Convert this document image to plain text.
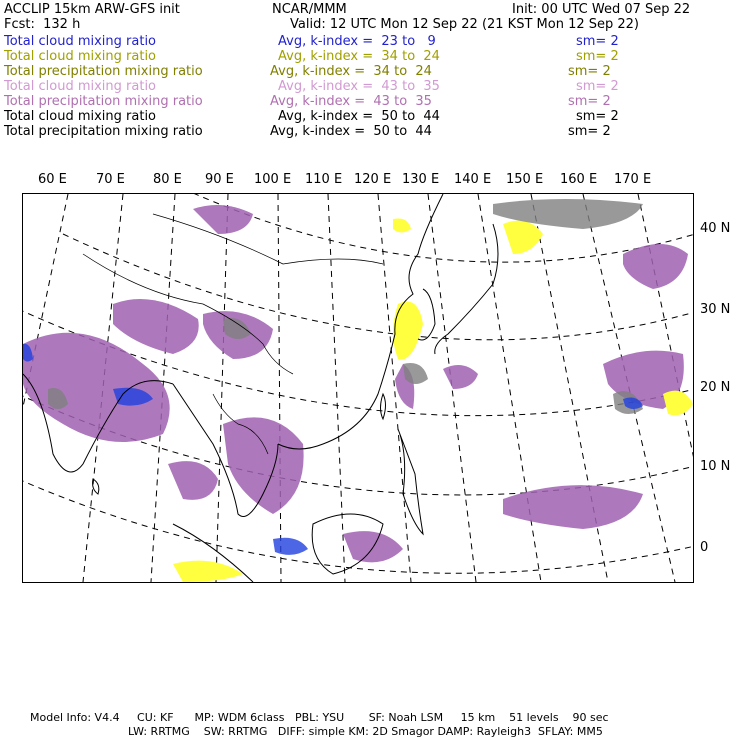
ACCLIP 15km ARW-GFS init	NCAR/MMM	Init: 00 UTC Wed 07 Sep 22
Fcst:  132 h	Valid: 12 UTC Mon 12 Sep 22 (21 KST Mon 12 Sep 22)
Total cloud mixing ratio	Avg, k-index =  23 to   9	sm= 2
Total cloud mixing ratio	Avg, k-index =  34 to  24	sm= 2
Total precipitation mixing ratio	Avg, k-index =  34 to  24	sm= 2
Total cloud mixing ratio	Avg, k-index =  43 to  35	sm= 2
Total precipitation mixing ratio	Avg, k-index =  43 to  35	sm= 2
Total cloud mixing ratio	Avg, k-index =  50 to  44	sm= 2
Total precipitation mixing ratio	Avg, k-index =  50 to  44	sm= 2
60 E 70 E 80 E 90 E 100 E 110 E 120 E 130 E 140 E 150 E 160 E 170 E
40 N
30 N
20 N
10 N
0
Model Info: V4.4     CU: KF      MP: WDM 6class   PBL: YSU       SF: Noah LSM     15 km    51 levels    90 sec
LW: RRTMG    SW: RRTMG   DIFF: simple KM: 2D Smagor DAMP: Rayleigh3  SFLAY: MM5
